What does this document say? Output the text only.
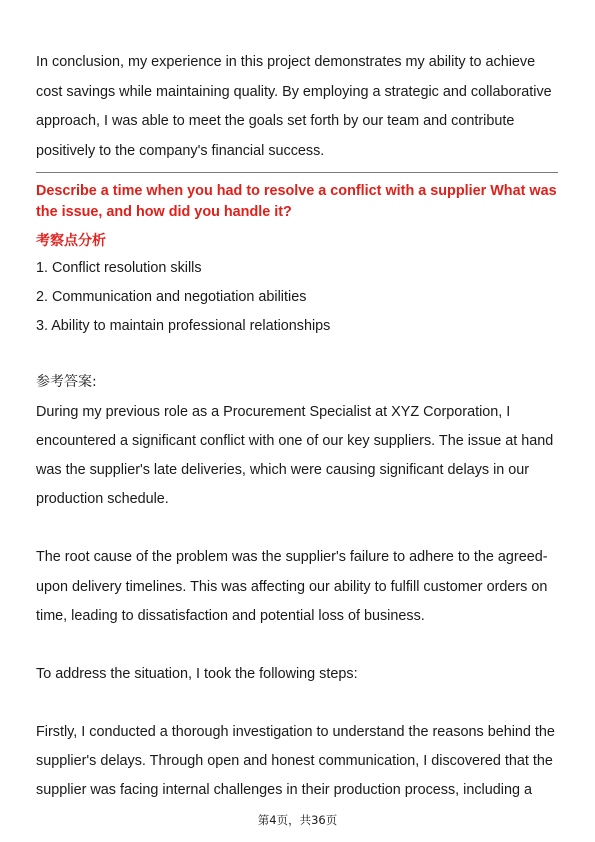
In conclusion, my experience in this project demonstrates my ability to achieve cost savings while maintaining quality. By employing a strategic and collaborative approach, I was able to meet the goals set forth by our team and contribute positively to the company's financial success.

Describe a time when you had to resolve a conflict with a supplier What was the issue, and how did you handle it?
考察点分析
1. Conflict resolution skills
2. Communication and negotiation abilities
3. Ability to maintain professional relationships
参考答案:

During my previous role as a Procurement Specialist at XYZ Corporation, I encountered a significant conflict with one of our key suppliers. The issue at hand was the supplier's late deliveries, which were causing significant delays in our production schedule.

The root cause of the problem was the supplier's failure to adhere to the agreed-upon delivery timelines. This was affecting our ability to fulfill customer orders on time, leading to dissatisfaction and potential loss of business.

To address the situation, I took the following steps:

Firstly, I conducted a thorough investigation to understand the reasons behind the supplier's delays. Through open and honest communication, I discovered that the supplier was facing internal challenges in their production process, including a

第4页，共36页
